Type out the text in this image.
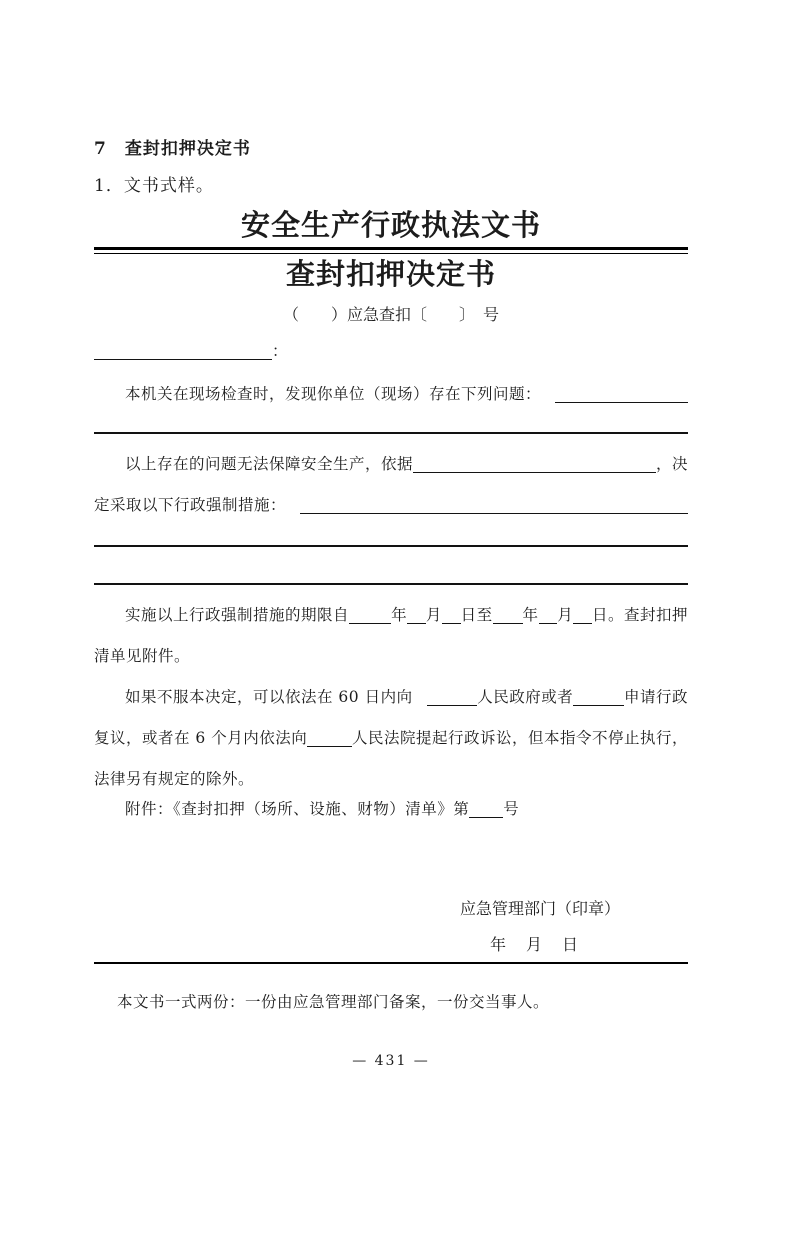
7　查封扣押决定书
1．文书式样。
安全生产行政执法文书
查封扣押决定书
（　　）应急查扣〔　　〕　号
：
本机关在现场检查时，发现你单位（现场）存在下列问题：
以上存在的问题无法保障安全生产，依据	，决
定采取以下行政强制措施：
实施以上行政强制措施的期限自	年 月 日至 年 月 日。查封扣押
清单见附件。
如果不服本决定，可以依法在 60 日内向	人民政府或者	申请行政
复议，或者在 6 个月内依法向	人民法院提起行政诉讼，但本指令不停止执行，
法律另有规定的除外。
附件：《查封扣押（场所、设施、财物）清单》第 号
应急管理部门（印章）
年　月　日
本文书一式两份：一份由应急管理部门备案，一份交当事人。
— 431 —
